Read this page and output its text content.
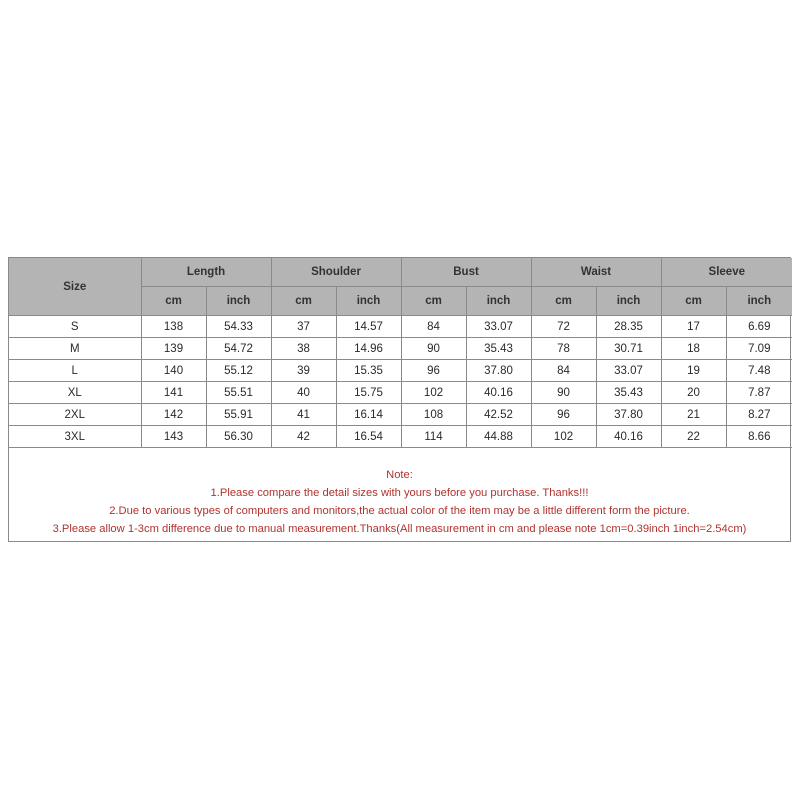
Size	Length		Shoulder		Bust		Waist		Sleeve	
	cm	inch	cm	inch	cm	inch	cm	inch	cm	inch
S	138	54.33	37	14.57	84	33.07	72	28.35	17	6.69
M	139	54.72	38	14.96	90	35.43	78	30.71	18	7.09
L	140	55.12	39	15.35	96	37.80	84	33.07	19	7.48
XL	141	55.51	40	15.75	102	40.16	90	35.43	20	7.87
2XL	142	55.91	41	16.14	108	42.52	96	37.80	21	8.27
3XL	143	56.30	42	16.54	114	44.88	102	40.16	22	8.66
Note:
1.Please compare the detail sizes with yours before you purchase. Thanks!!!
2.Due to various types of computers and monitors,the actual color of the item may be a little different form the picture.
3.Please allow 1-3cm difference due to manual measurement.Thanks(All measurement in cm and please note 1cm=0.39inch 1inch=2.54cm)
